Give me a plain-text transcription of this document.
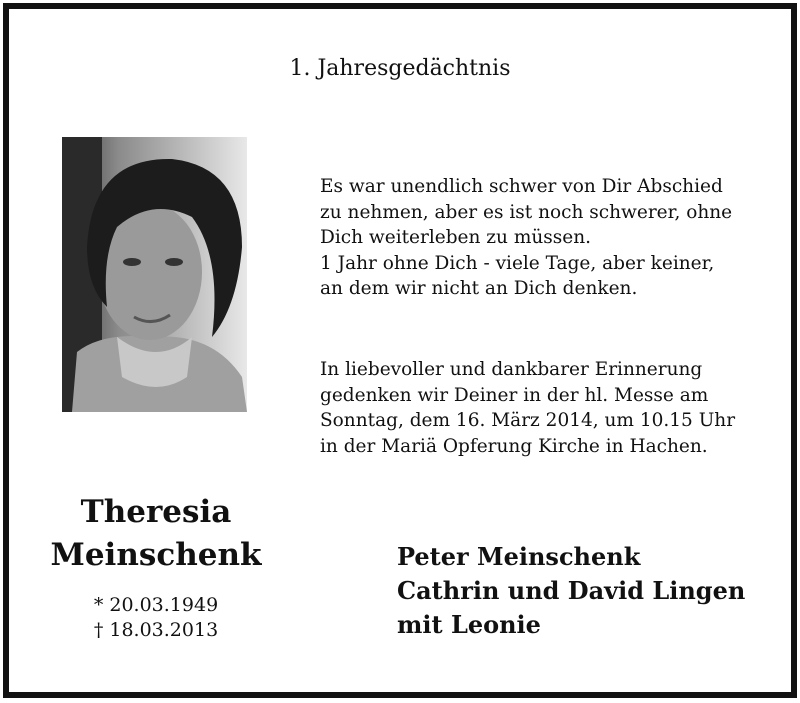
1. Jahresgedächtnis
Es war unendlich schwer von Dir Abschied
zu nehmen, aber es ist noch schwerer, ohne
Dich weiterleben zu müssen.
1 Jahr ohne Dich - viele Tage, aber keiner,
an dem wir nicht an Dich denken.
In liebevoller und dankbarer Erinnerung
gedenken wir Deiner in der hl. Messe am
Sonntag, dem 16. März 2014, um 10.15 Uhr
in der Mariä Opferung Kirche in Hachen.
Theresia
Meinschenk
* 20.03.1949
† 18.03.2013
Peter Meinschenk
Cathrin und David Lingen
mit Leonie
